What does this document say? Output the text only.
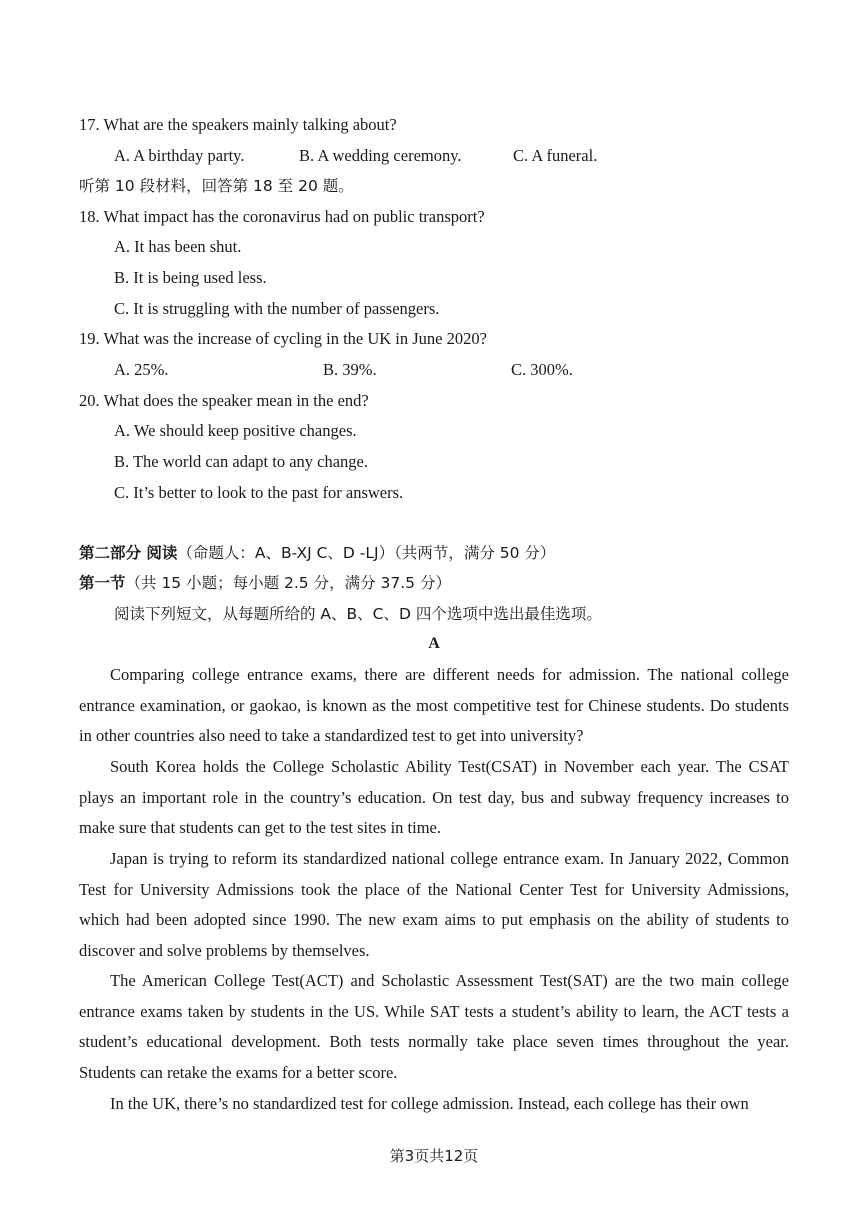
17. What are the speakers mainly talking about?
A. A birthday party.	B. A wedding ceremony.	C. A funeral.
听第 10 段材料，回答第 18 至 20 题。
18. What impact has the coronavirus had on public transport?
A. It has been shut.
B. It is being used less.
C. It is struggling with the number of passengers.
19. What was the increase of cycling in the UK in June 2020?
A. 25%.	B. 39%.	C. 300%.
20. What does the speaker mean in the end?
A. We should keep positive changes.
B. The world can adapt to any change.
C. It’s better to look to the past for answers.
第二部分 阅读（命题人：A、B-XJ C、D -LJ）（共两节，满分 50 分）
第一节（共 15 小题；每小题 2.5 分，满分 37.5 分）
阅读下列短文，从每题所给的 A、B、C、D 四个选项中选出最佳选项。
A
Comparing college entrance exams, there are different needs for admission. The national college entrance examination, or gaokao, is known as the most competitive test for Chinese students. Do students in other countries also need to take a standardized test to get into university?
South Korea holds the College Scholastic Ability Test(CSAT) in November each year. The CSAT plays an important role in the country’s education. On test day, bus and subway frequency increases to make sure that students can get to the test sites in time.
Japan is trying to reform its standardized national college entrance exam. In January 2022, Common Test for University Admissions took the place of the National Center Test for University Admissions, which had been adopted since 1990. The new exam aims to put emphasis on the ability of students to discover and solve problems by themselves.
The American College Test(ACT) and Scholastic Assessment Test(SAT) are the two main college entrance exams taken by students in the US. While SAT tests a student’s ability to learn, the ACT tests a student’s educational development. Both tests normally take place seven times throughout the year. Students can retake the exams for a better score.
In the UK, there’s no standardized test for college admission. Instead, each college has their own
第3页共12页
